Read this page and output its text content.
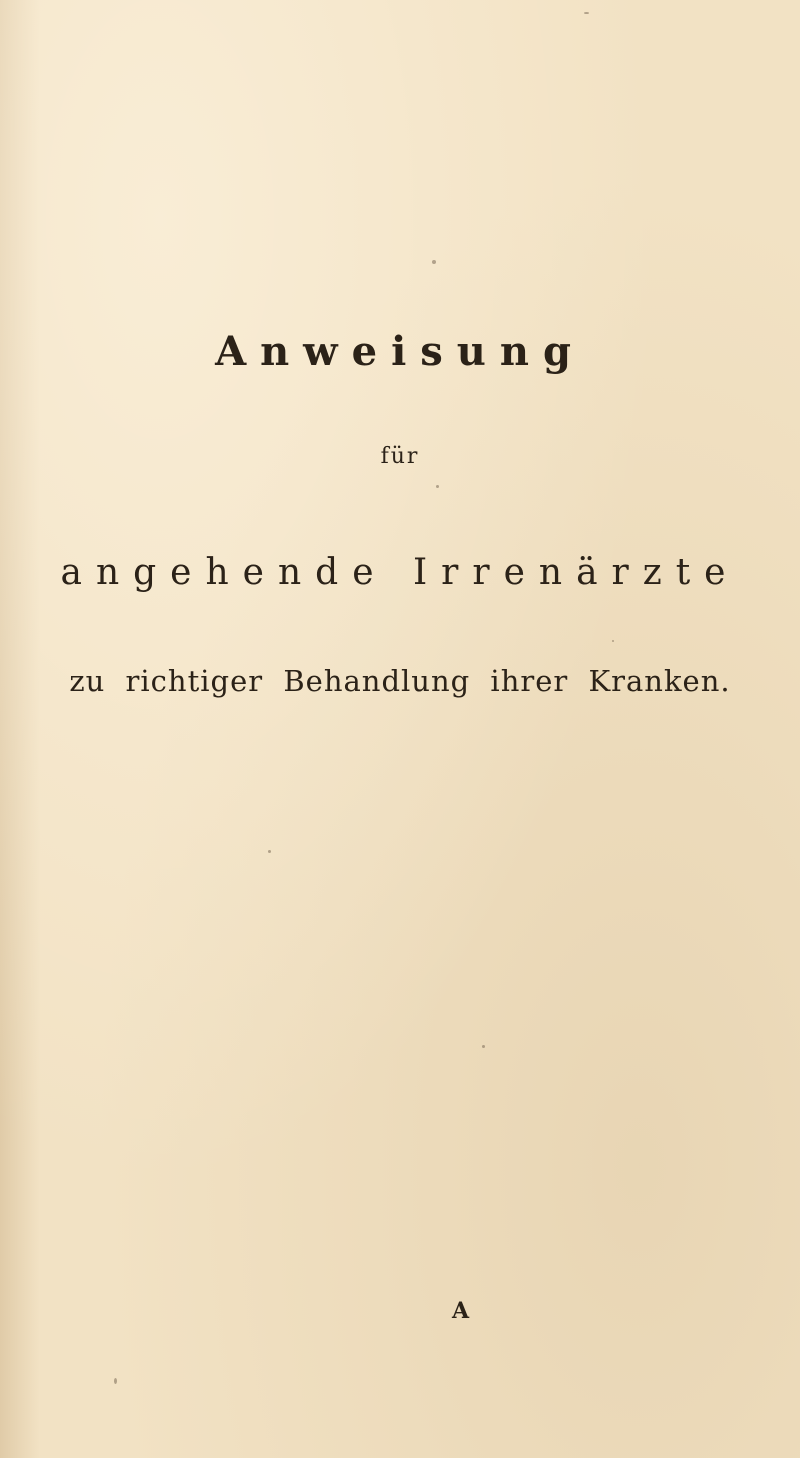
Anweisung
für
angehende Irrenärzte
zu richtiger Behandlung ihrer Kranken.
A
